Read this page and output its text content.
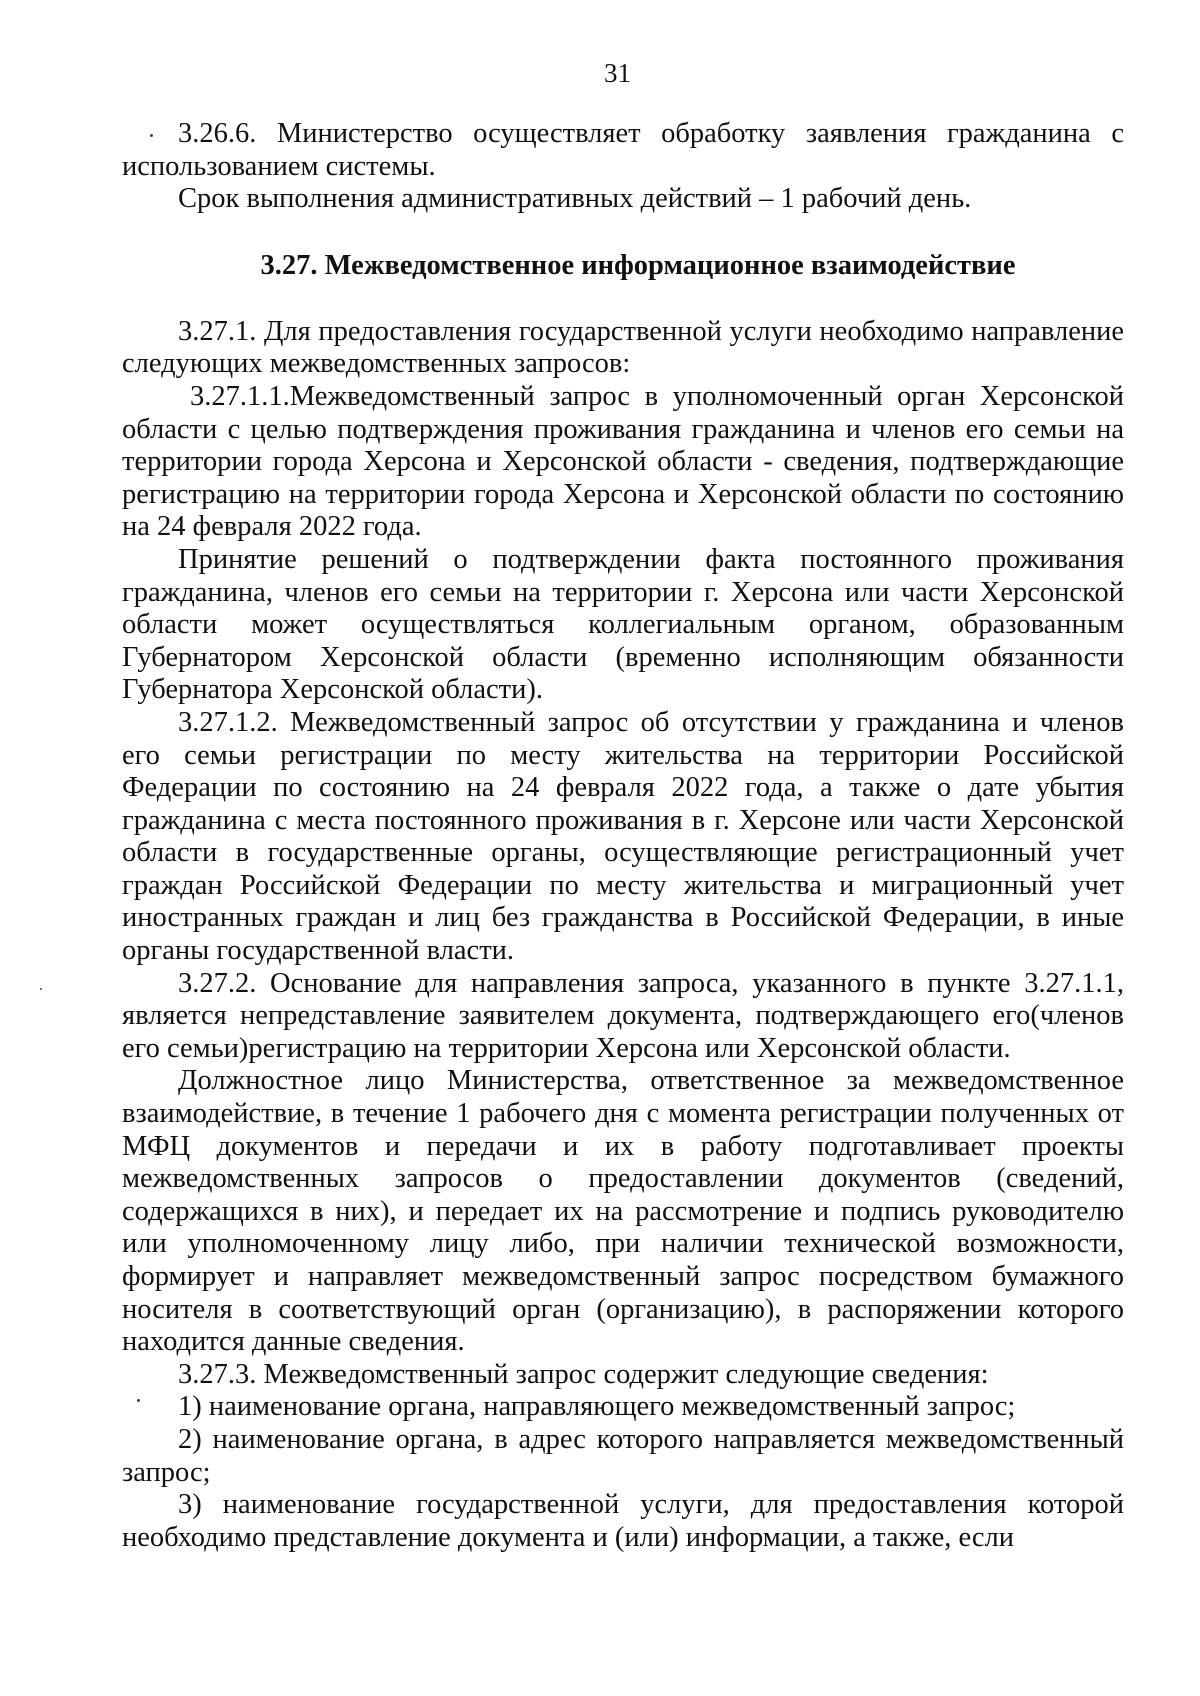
31

3.26.6. Министерство осуществляет обработку заявления гражданина с использованием системы.

Срок выполнения административных действий – 1 рабочий день.

3.27. Межведомственное информационное взаимодействие

3.27.1. Для предоставления государственной услуги необходимо направление следующих межведомственных запросов:

3.27.1.1.Межведомственный запрос в уполномоченный орган Херсонской области с целью подтверждения проживания гражданина и членов его семьи на территории города Херсона и Херсонской области - сведения, подтверждающие регистрацию на территории города Херсона и Херсонской области по состоянию на 24 февраля 2022 года.

Принятие решений о подтверждении факта постоянного проживания гражданина, членов его семьи на территории г. Херсона или части Херсонской области может осуществляться коллегиальным органом, образованным Губернатором Херсонской области (временно исполняющим обязанности Губернатора Херсонской области).

3.27.1.2. Межведомственный запрос об отсутствии у гражданина и членов его семьи регистрации по месту жительства на территории Российской Федерации по состоянию на 24 февраля 2022 года, а также о дате убытия гражданина с места постоянного проживания в г. Херсоне или части Херсонской области в государственные органы, осуществляющие регистрационный учет граждан Российской Федерации по месту жительства и миграционный учет иностранных граждан и лиц без гражданства в Российской Федерации, в иные органы государственной власти.

3.27.2. Основание для направления запроса, указанного в пункте 3.27.1.1, является непредставление заявителем документа, подтверждающего его(членов его семьи)регистрацию на территории Херсона или Херсонской области.

Должностное лицо Министерства, ответственное за межведомственное взаимодействие, в течение 1 рабочего дня с момента регистрации полученных от МФЦ документов и передачи и их в работу подготавливает проекты межведомственных запросов о предоставлении документов (сведений, содержащихся в них), и передает их на рассмотрение и подпись руководителю или уполномоченному лицу либо, при наличии технической возможности, формирует и направляет межведомственный запрос посредством бумажного носителя в соответствующий орган (организацию), в распоряжении которого находится данные сведения.

3.27.3. Межведомственный запрос содержит следующие сведения:

1) наименование органа, направляющего межведомственный запрос;

2) наименование органа, в адрес которого направляется межведомственный запрос;

3) наименование государственной услуги, для предоставления которой необходимо представление документа и (или) информации, а также, если
